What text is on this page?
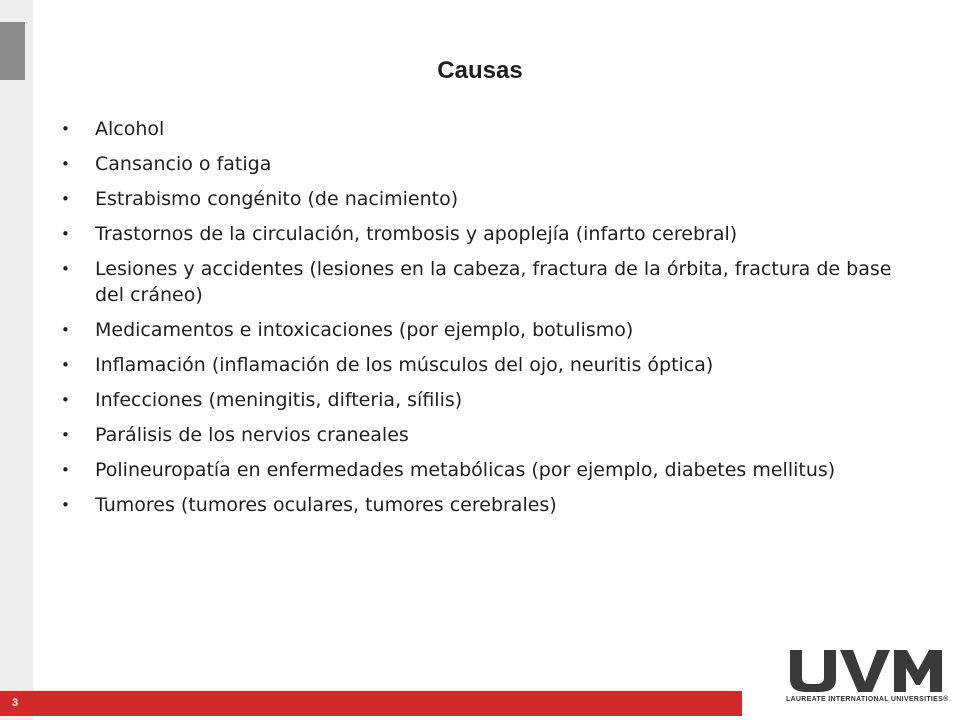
Causas
• Alcohol
• Cansancio o fatiga
• Estrabismo congénito (de nacimiento)
• Trastornos de la circulación, trombosis y apoplejía (infarto cerebral)
• Lesiones y accidentes (lesiones en la cabeza, fractura de la órbita, fractura de base del cráneo)
• Medicamentos e intoxicaciones (por ejemplo, botulismo)
• Inflamación (inflamación de los músculos del ojo, neuritis óptica)
• Infecciones (meningitis, difteria, sífilis)
• Parálisis de los nervios craneales
• Polineuropatía en enfermedades metabólicas (por ejemplo, diabetes mellitus)
• Tumores (tumores oculares, tumores cerebrales)
3	LAUREATE INTERNATIONAL UNIVERSITIES®
